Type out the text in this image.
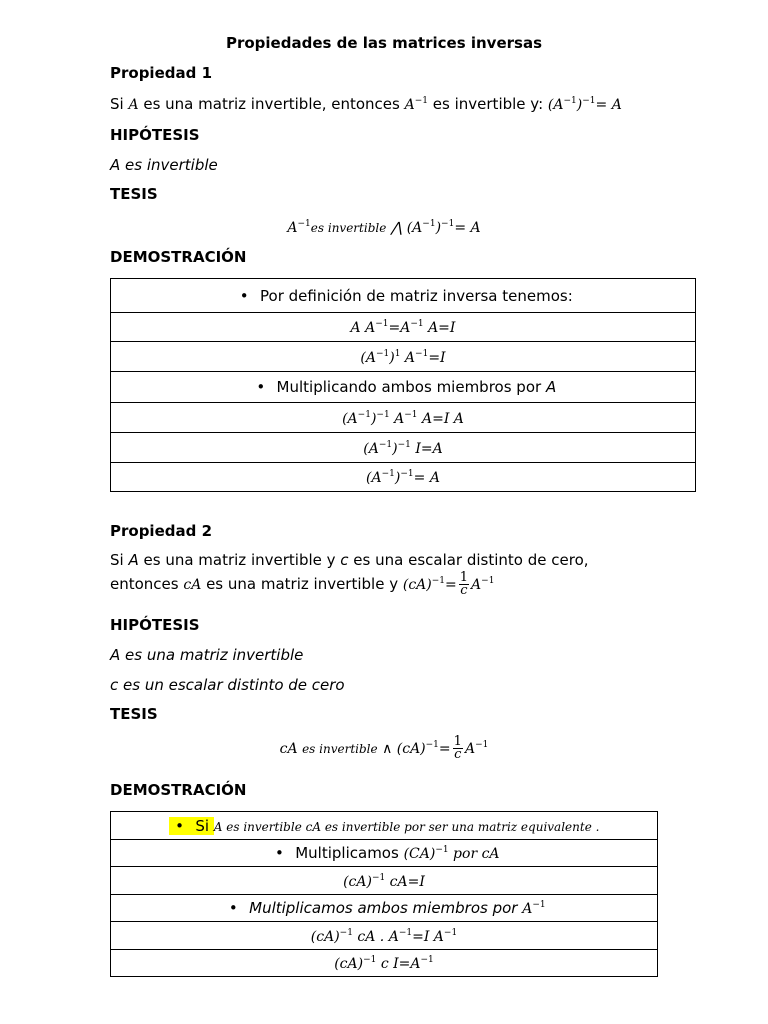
Propiedades de las matrices inversas
Propiedad 1
Si A es una matriz invertible, entonces $A^{-1}$ es invertible y: $(A^{-1})^{-1}= A$
HIPÓTESIS
A es invertible
TESIS
$A^{-1}es$ invertible ⋀ $(A^{-1})^{-1}= A$
DEMOSTRACIÓN
• Por definición de matriz inversa tenemos:
A $A^{-1}=A^{-1}$ A=I
$(A^{-1})^1$ $A^{-1}=I$
• Multiplicando ambos miembros por A
$(A^{-1})^{-1}$ $A^{-1}$ A=I A
$(A^{-1})^{-1}$ I=A
$(A^{-1})^{-1}= A$
Propiedad 2
Si A es una matriz invertible y c es una escalar distinto de cero,
entonces cA es una matriz invertible y $(cA)^{-1}= \frac{1}{c} A^{-1}$
HIPÓTESIS
A es una matriz invertible
c es un escalar distinto de cero
TESIS
cA es invertible ∧ $(cA)^{-1}= \frac{1}{c} A^{-1}$
DEMOSTRACIÓN
• Si A es invertible cA es invertible por ser una matriz equivalente .
• Multiplicamos (CA)$^{-1}$ por cA
(cA)$^{-1}$ cA=I
• Multiplicamos ambos miembros por $A^{-1}$
(cA)$^{-1}$ cA . $A^{-1}=I$ $A^{-1}$
(cA)$^{-1}$ c $I=A^{-1}$
